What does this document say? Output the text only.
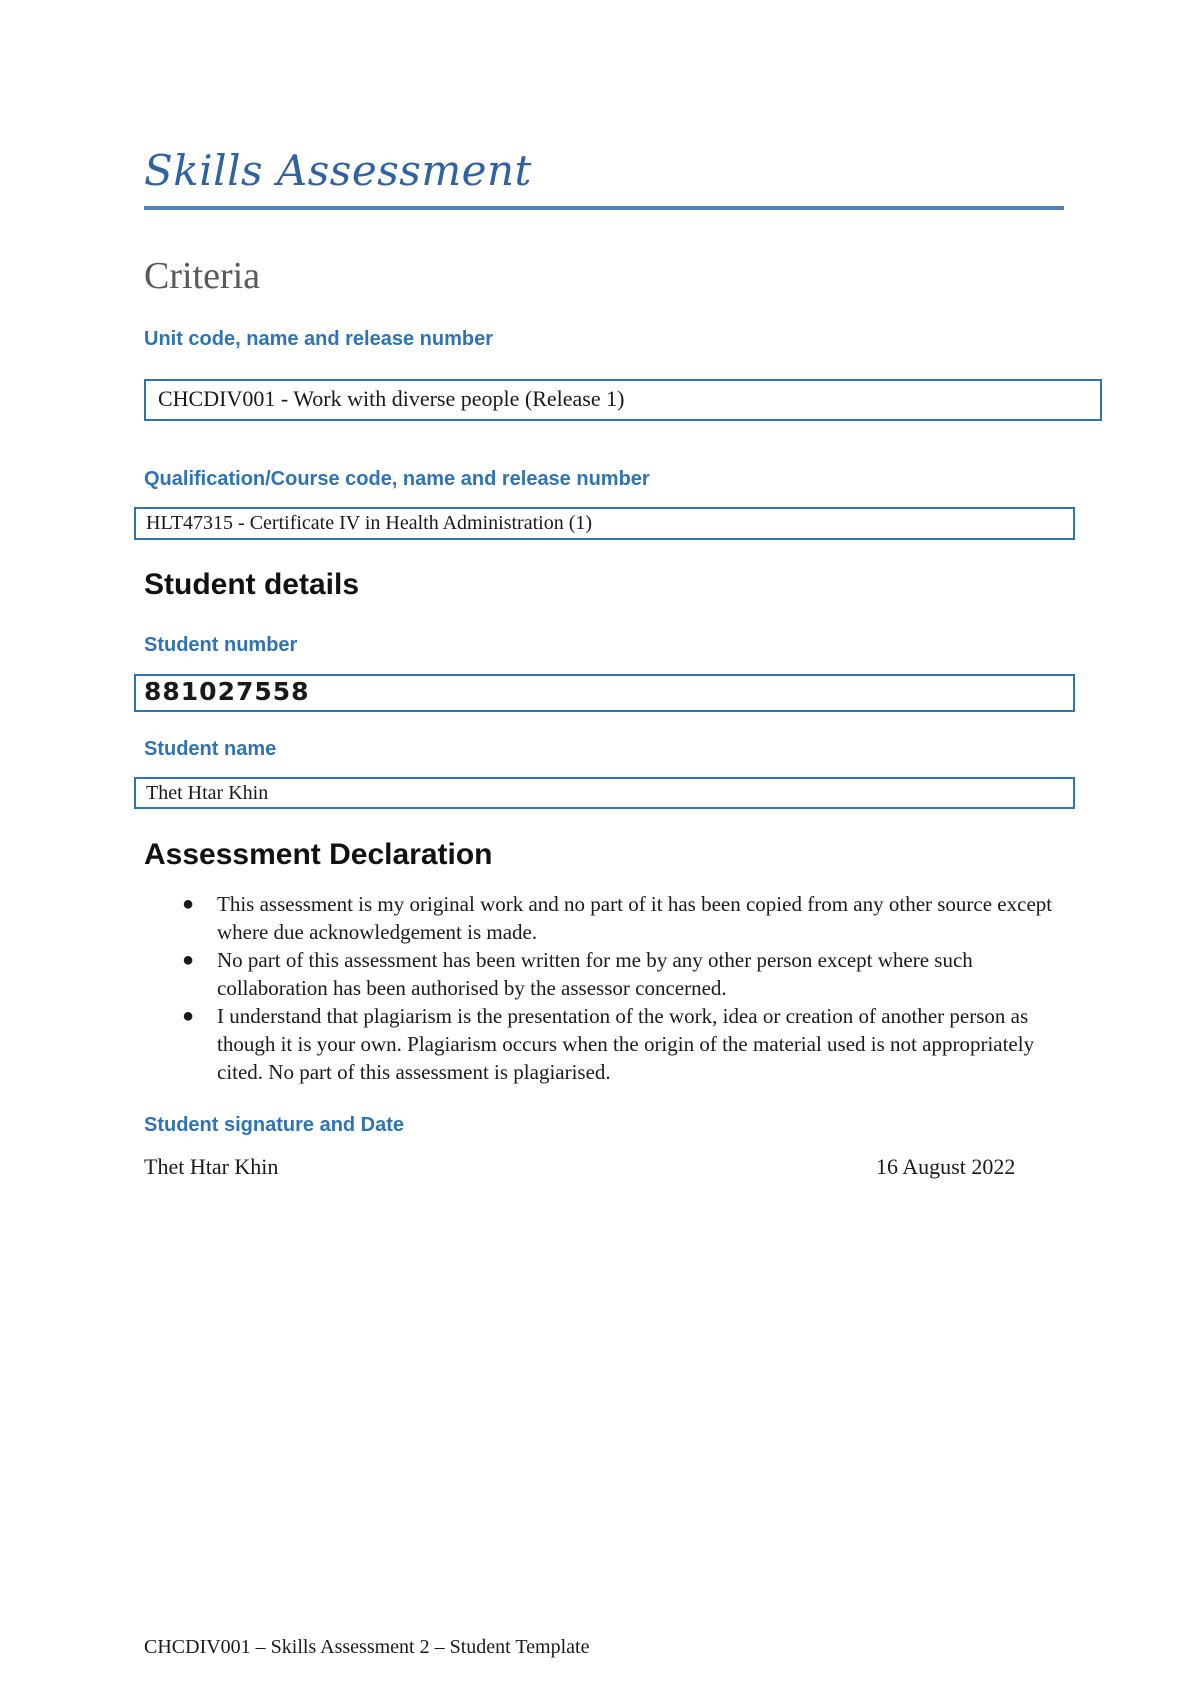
Skills Assessment
Criteria
Unit code, name and release number
CHCDIV001 - Work with diverse people (Release 1)
Qualification/Course code, name and release number
HLT47315 - Certificate IV in Health Administration (1)
Student details
Student number
881027558
Student name
Thet Htar Khin
Assessment Declaration
● This assessment is my original work and no part of it has been copied from any other source except where due acknowledgement is made.
● No part of this assessment has been written for me by any other person except where such collaboration has been authorised by the assessor concerned.
● I understand that plagiarism is the presentation of the work, idea or creation of another person as though it is your own. Plagiarism occurs when the origin of the material used is not appropriately cited. No part of this assessment is plagiarised.
Student signature and Date
Thet Htar Khin	16 August 2022
CHCDIV001 – Skills Assessment 2 – Student Template
